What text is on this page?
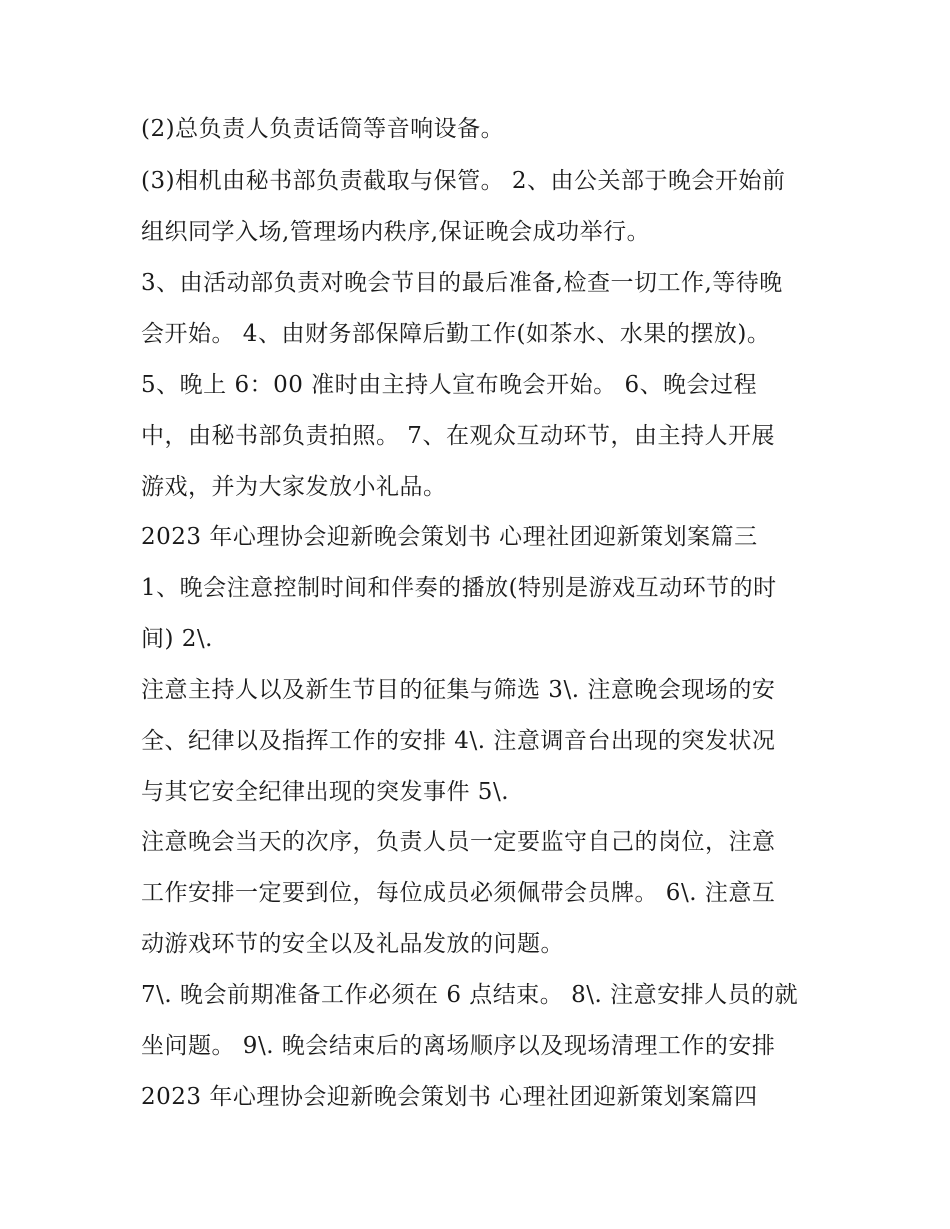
(2)总负责人负责话筒等音响设备。
(3)相机由秘书部负责截取与保管。 2、由公关部于晚会开始前
组织同学入场,管理场内秩序,保证晚会成功举行。
3、由活动部负责对晚会节目的最后准备,检查一切工作,等待晚
会开始。 4、由财务部保障后勤工作(如茶水、水果的摆放)。
5、晚上 6：00 准时由主持人宣布晚会开始。 6、晚会过程
中，由秘书部负责拍照。 7、在观众互动环节，由主持人开展
游戏，并为大家发放小礼品。
2023 年心理协会迎新晚会策划书 心理社团迎新策划案篇三
1、晚会注意控制时间和伴奏的播放(特别是游戏互动环节的时
间) 2\.
注意主持人以及新生节目的征集与筛选 3\. 注意晚会现场的安
全、纪律以及指挥工作的安排 4\. 注意调音台出现的突发状况
与其它安全纪律出现的突发事件 5\.
注意晚会当天的次序，负责人员一定要监守自己的岗位，注意
工作安排一定要到位，每位成员必须佩带会员牌。 6\. 注意互
动游戏环节的安全以及礼品发放的问题。
7\. 晚会前期准备工作必须在 6 点结束。 8\. 注意安排人员的就
坐问题。 9\. 晚会结束后的离场顺序以及现场清理工作的安排
2023 年心理协会迎新晚会策划书 心理社团迎新策划案篇四
